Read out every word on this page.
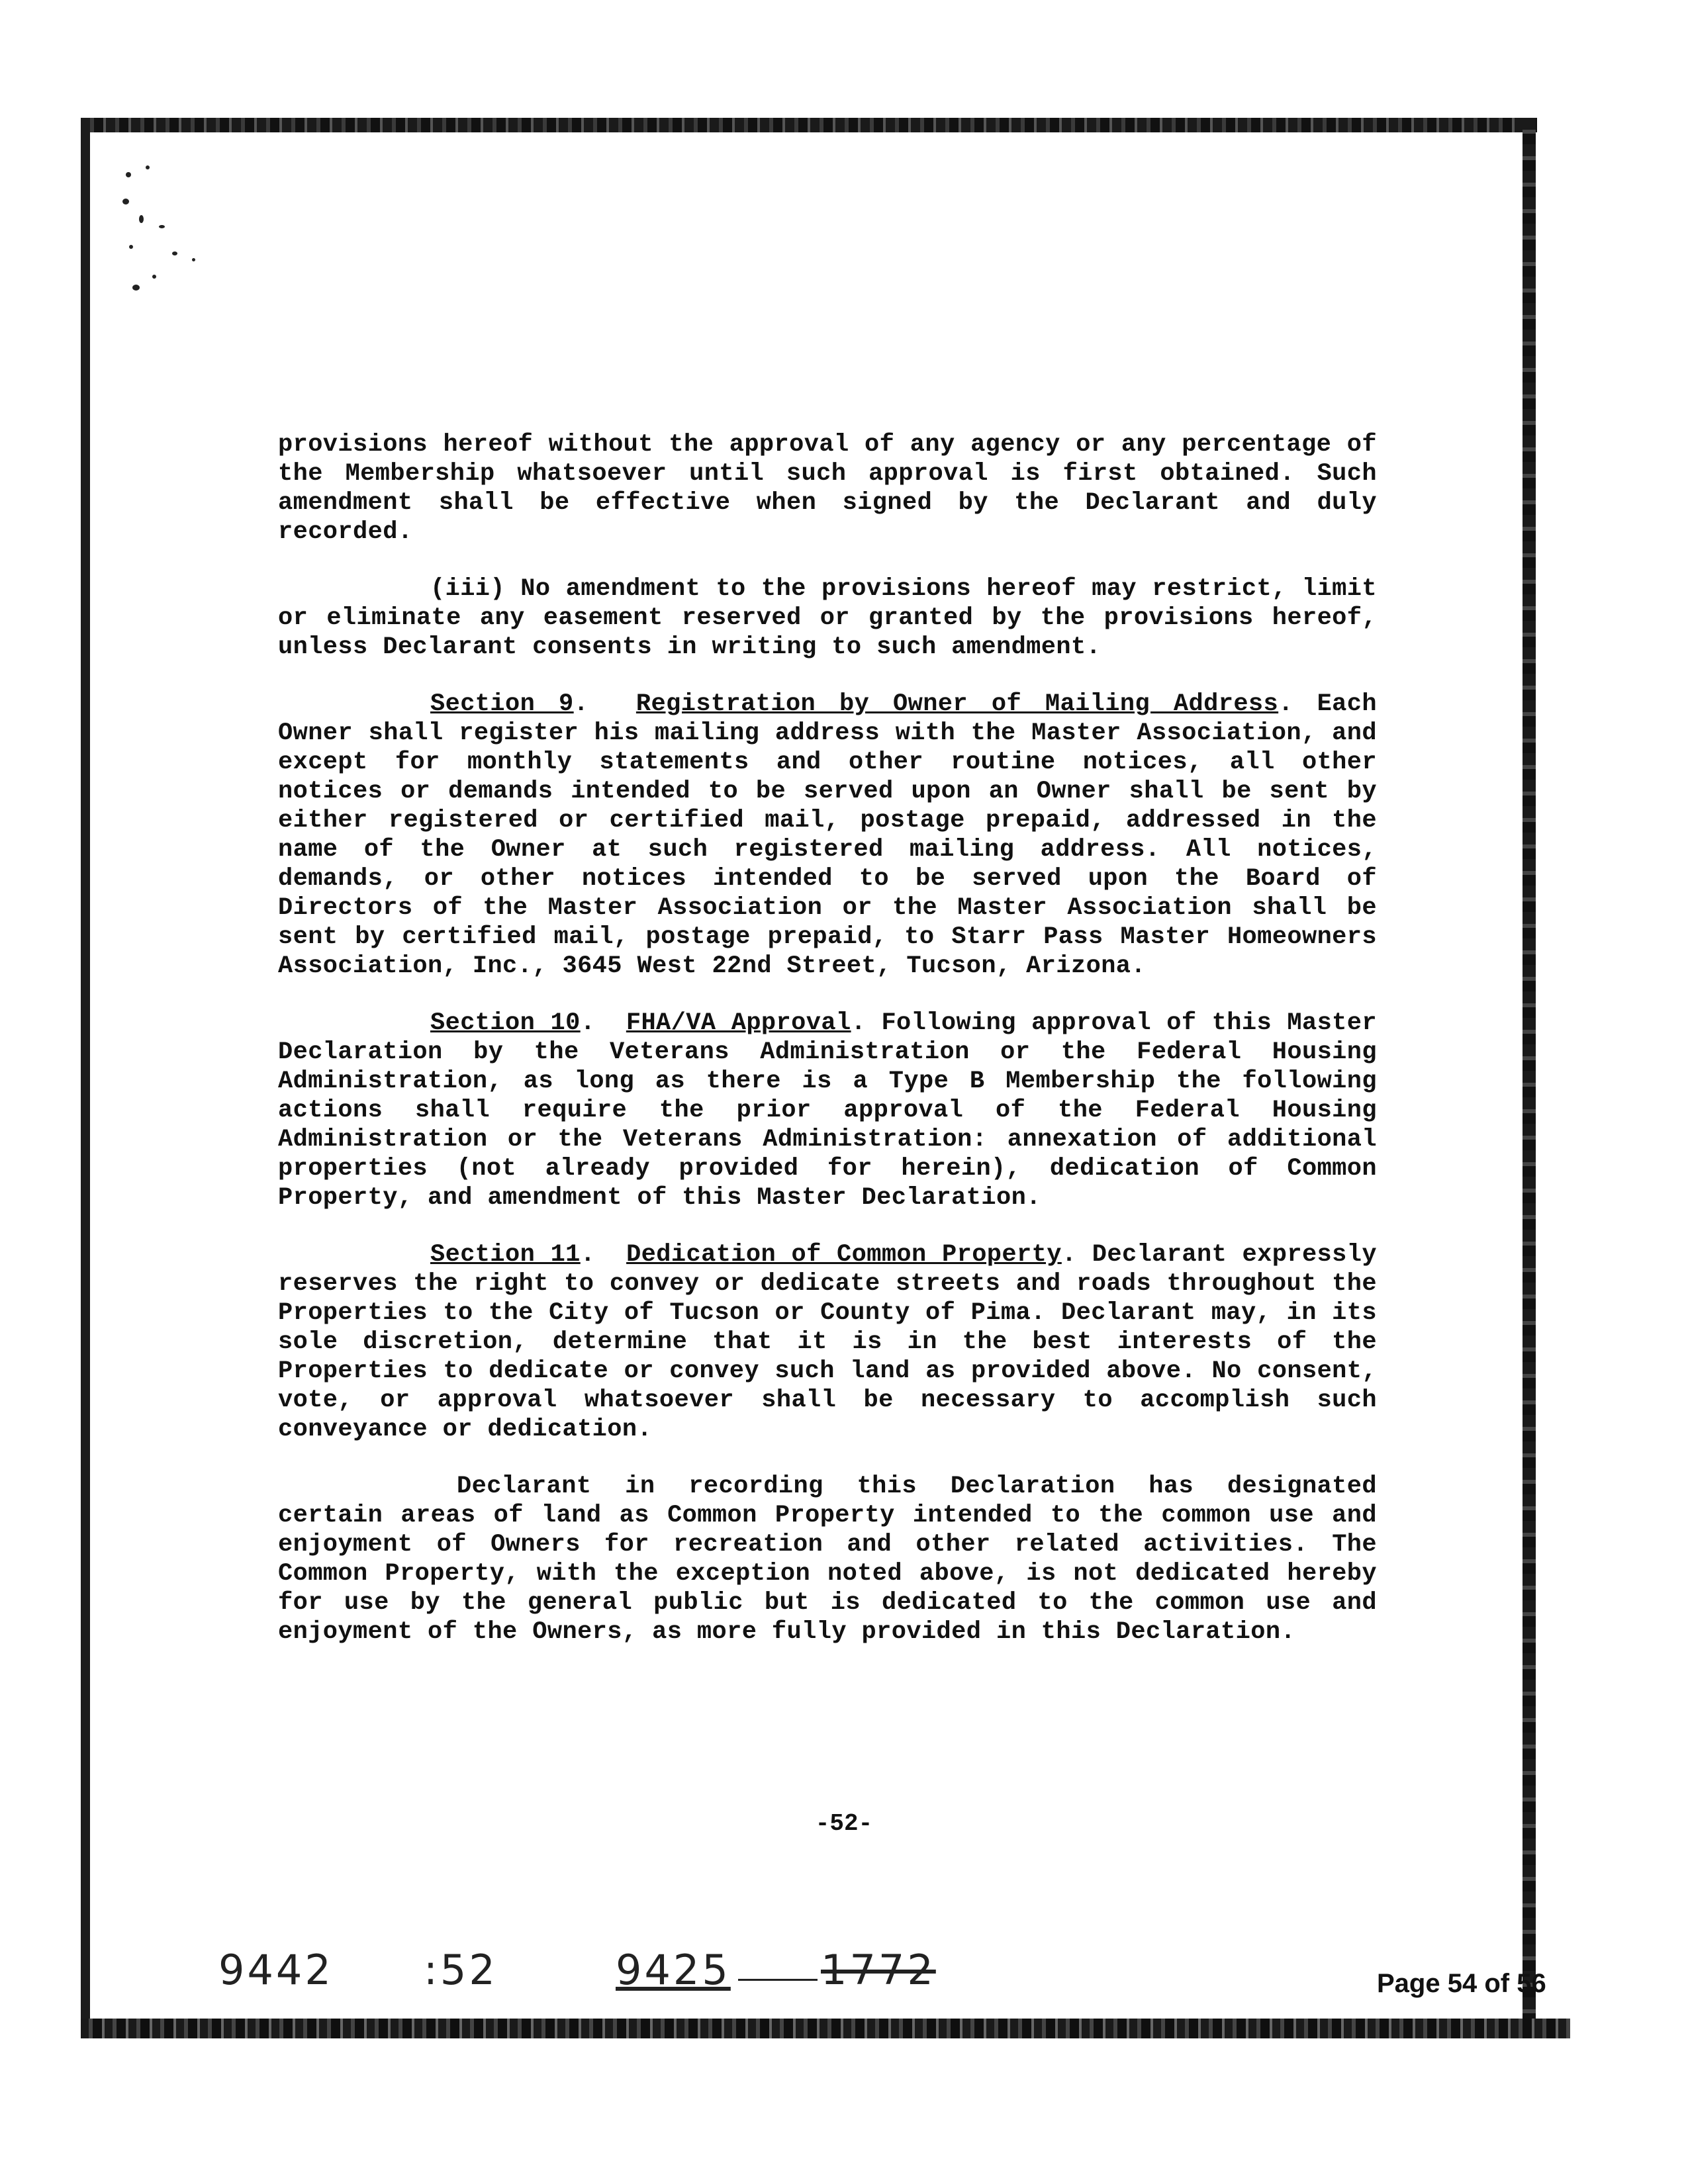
provisions hereof without the approval of any agency or any percentage of the Membership whatsoever until such approval is first obtained. Such amendment shall be effective when signed by the Declarant and duly recorded.

(iii) No amendment to the provisions hereof may restrict, limit or eliminate any easement reserved or granted by the provisions hereof, unless Declarant consents in writing to such amendment.

Section 9.  Registration by Owner of Mailing Address. Each Owner shall register his mailing address with the Master Association, and except for monthly statements and other routine notices, all other notices or demands intended to be served upon an Owner shall be sent by either registered or certified mail, postage prepaid, addressed in the name of the Owner at such registered mailing address. All notices, demands, or other notices intended to be served upon the Board of Directors of the Master Association or the Master Association shall be sent by certified mail, postage prepaid, to Starr Pass Master Homeowners Association, Inc., 3645 West 22nd Street, Tucson, Arizona.

Section 10.  FHA/VA Approval. Following approval of this Master Declaration by the Veterans Administration or the Federal Housing Administration, as long as there is a Type B Membership the following actions shall require the prior approval of the Federal Housing Administration or the Veterans Administration: annexation of additional properties (not already provided for herein), dedication of Common Property, and amendment of this Master Declaration.

Section 11.  Dedication of Common Property. Declarant expressly reserves the right to convey or dedicate streets and roads throughout the Properties to the City of Tucson or County of Pima. Declarant may, in its sole discretion, determine that it is in the best interests of the Properties to dedicate or convey such land as provided above. No consent, vote, or approval whatsoever shall be necessary to accomplish such conveyance or dedication.

Declarant in recording this Declaration has designated certain areas of land as Common Property intended to the common use and enjoyment of Owners for recreation and other related activities. The Common Property, with the exception noted above, is not dedicated hereby for use by the general public but is dedicated to the common use and enjoyment of the Owners, as more fully provided in this Declaration.

-52-
9442 :52	9425 1772	Page 54 of 56
